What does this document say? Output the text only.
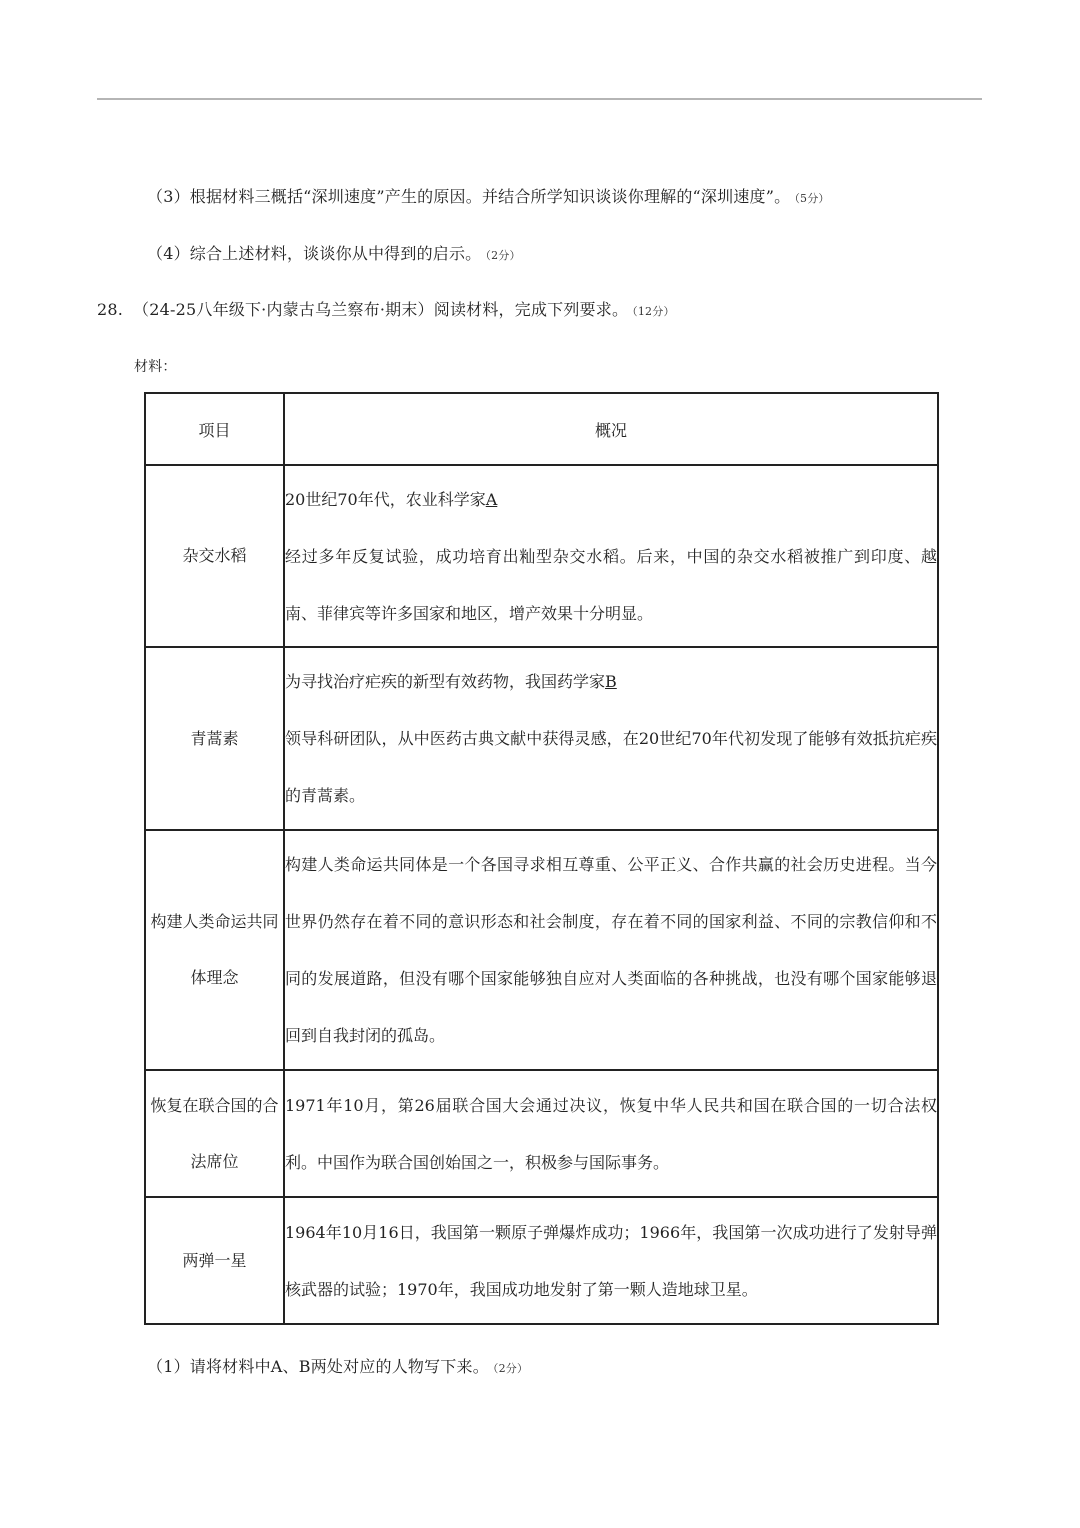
（3）根据材料三概括“深圳速度”产生的原因。并结合所学知识谈谈你理解的“深圳速度”。 （5分）
（4）综合上述材料，谈谈你从中得到的启示。 （2分）
28. （24-25八年级下·内蒙古乌兰察布·期末）阅读材料，完成下列要求。 （12分）
材料：
项目	概况
杂交水稻	20世纪70年代，农业科学家A

经过多年反复试验，成功培育出籼型杂交水稻。后来，中国的杂交水稻被推广到印度、越南、菲律宾等许多国家和地区，增产效果十分明显。

青蒿素	为寻找治疗疟疾的新型有效药物，我国药学家B

领导科研团队，从中医药古典文献中获得灵感，在20世纪70年代初发现了能够有效抵抗疟疾的青蒿素。

构建人类命运共同体理念	构建人类命运共同体是一个各国寻求相互尊重、公平正义、合作共赢的社会历史进程。当今世界仍然存在着不同的意识形态和社会制度，存在着不同的国家利益、不同的宗教信仰和不同的发展道路，但没有哪个国家能够独自应对人类面临的各种挑战，也没有哪个国家能够退回到自我封闭的孤岛。
恢复在联合国的合法席位	1971年10月，第26届联合国大会通过决议，恢复中华人民共和国在联合国的一切合法权利。中国作为联合国创始国之一，积极参与国际事务。
两弹一星	1964年10月16日，我国第一颗原子弹爆炸成功；1966年，我国第一次成功进行了发射导弹核武器的试验；1970年，我国成功地发射了第一颗人造地球卫星。
（1）请将材料中A、B两处对应的人物写下来。 （2分）
